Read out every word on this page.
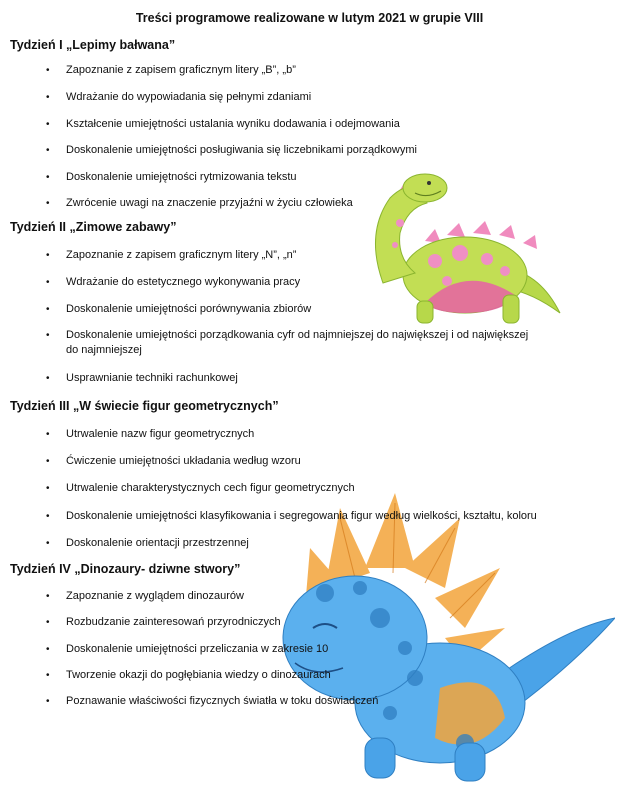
Treści programowe realizowane w lutym 2021 w grupie VIII
Tydzień I „Lepimy bałwana”
• Zapoznanie z zapisem graficznym litery „B”, „b”
• Wdrażanie do wypowiadania się pełnymi zdaniami
• Kształcenie umiejętności ustalania wyniku dodawania i odejmowania
• Doskonalenie umiejętności posługiwania się liczebnikami porządkowymi
• Doskonalenie umiejętności rytmizowania tekstu
• Zwrócenie uwagi na znaczenie przyjaźni w życiu człowieka
Tydzień II „Zimowe zabawy”
• Zapoznanie z zapisem graficznym litery „N”, „n”
• Wdrażanie do estetycznego wykonywania pracy
• Doskonalenie umiejętności porównywania zbiorów
• Doskonalenie umiejętności porządkowania cyfr od najmniejszej do największej i od największej do najmniejszej
• Usprawnianie techniki rachunkowej
Tydzień III „W świecie figur geometrycznych”
• Utrwalenie nazw figur geometrycznych
• Ćwiczenie umiejętności układania według wzoru
• Utrwalenie charakterystycznych cech figur geometrycznych
• Doskonalenie umiejętności klasyfikowania i segregowania figur według wielkości, kształtu, koloru
• Doskonalenie orientacji przestrzennej
Tydzień IV „Dinozaury- dziwne stwory”
• Zapoznanie z wyglądem dinozaurów
• Rozbudzanie zainteresowań przyrodniczych
• Doskonalenie umiejętności przeliczania w zakresie 10
• Tworzenie okazji do pogłębiania wiedzy o dinozaurach
• Poznawanie właściwości fizycznych światła w toku doświadczeń
